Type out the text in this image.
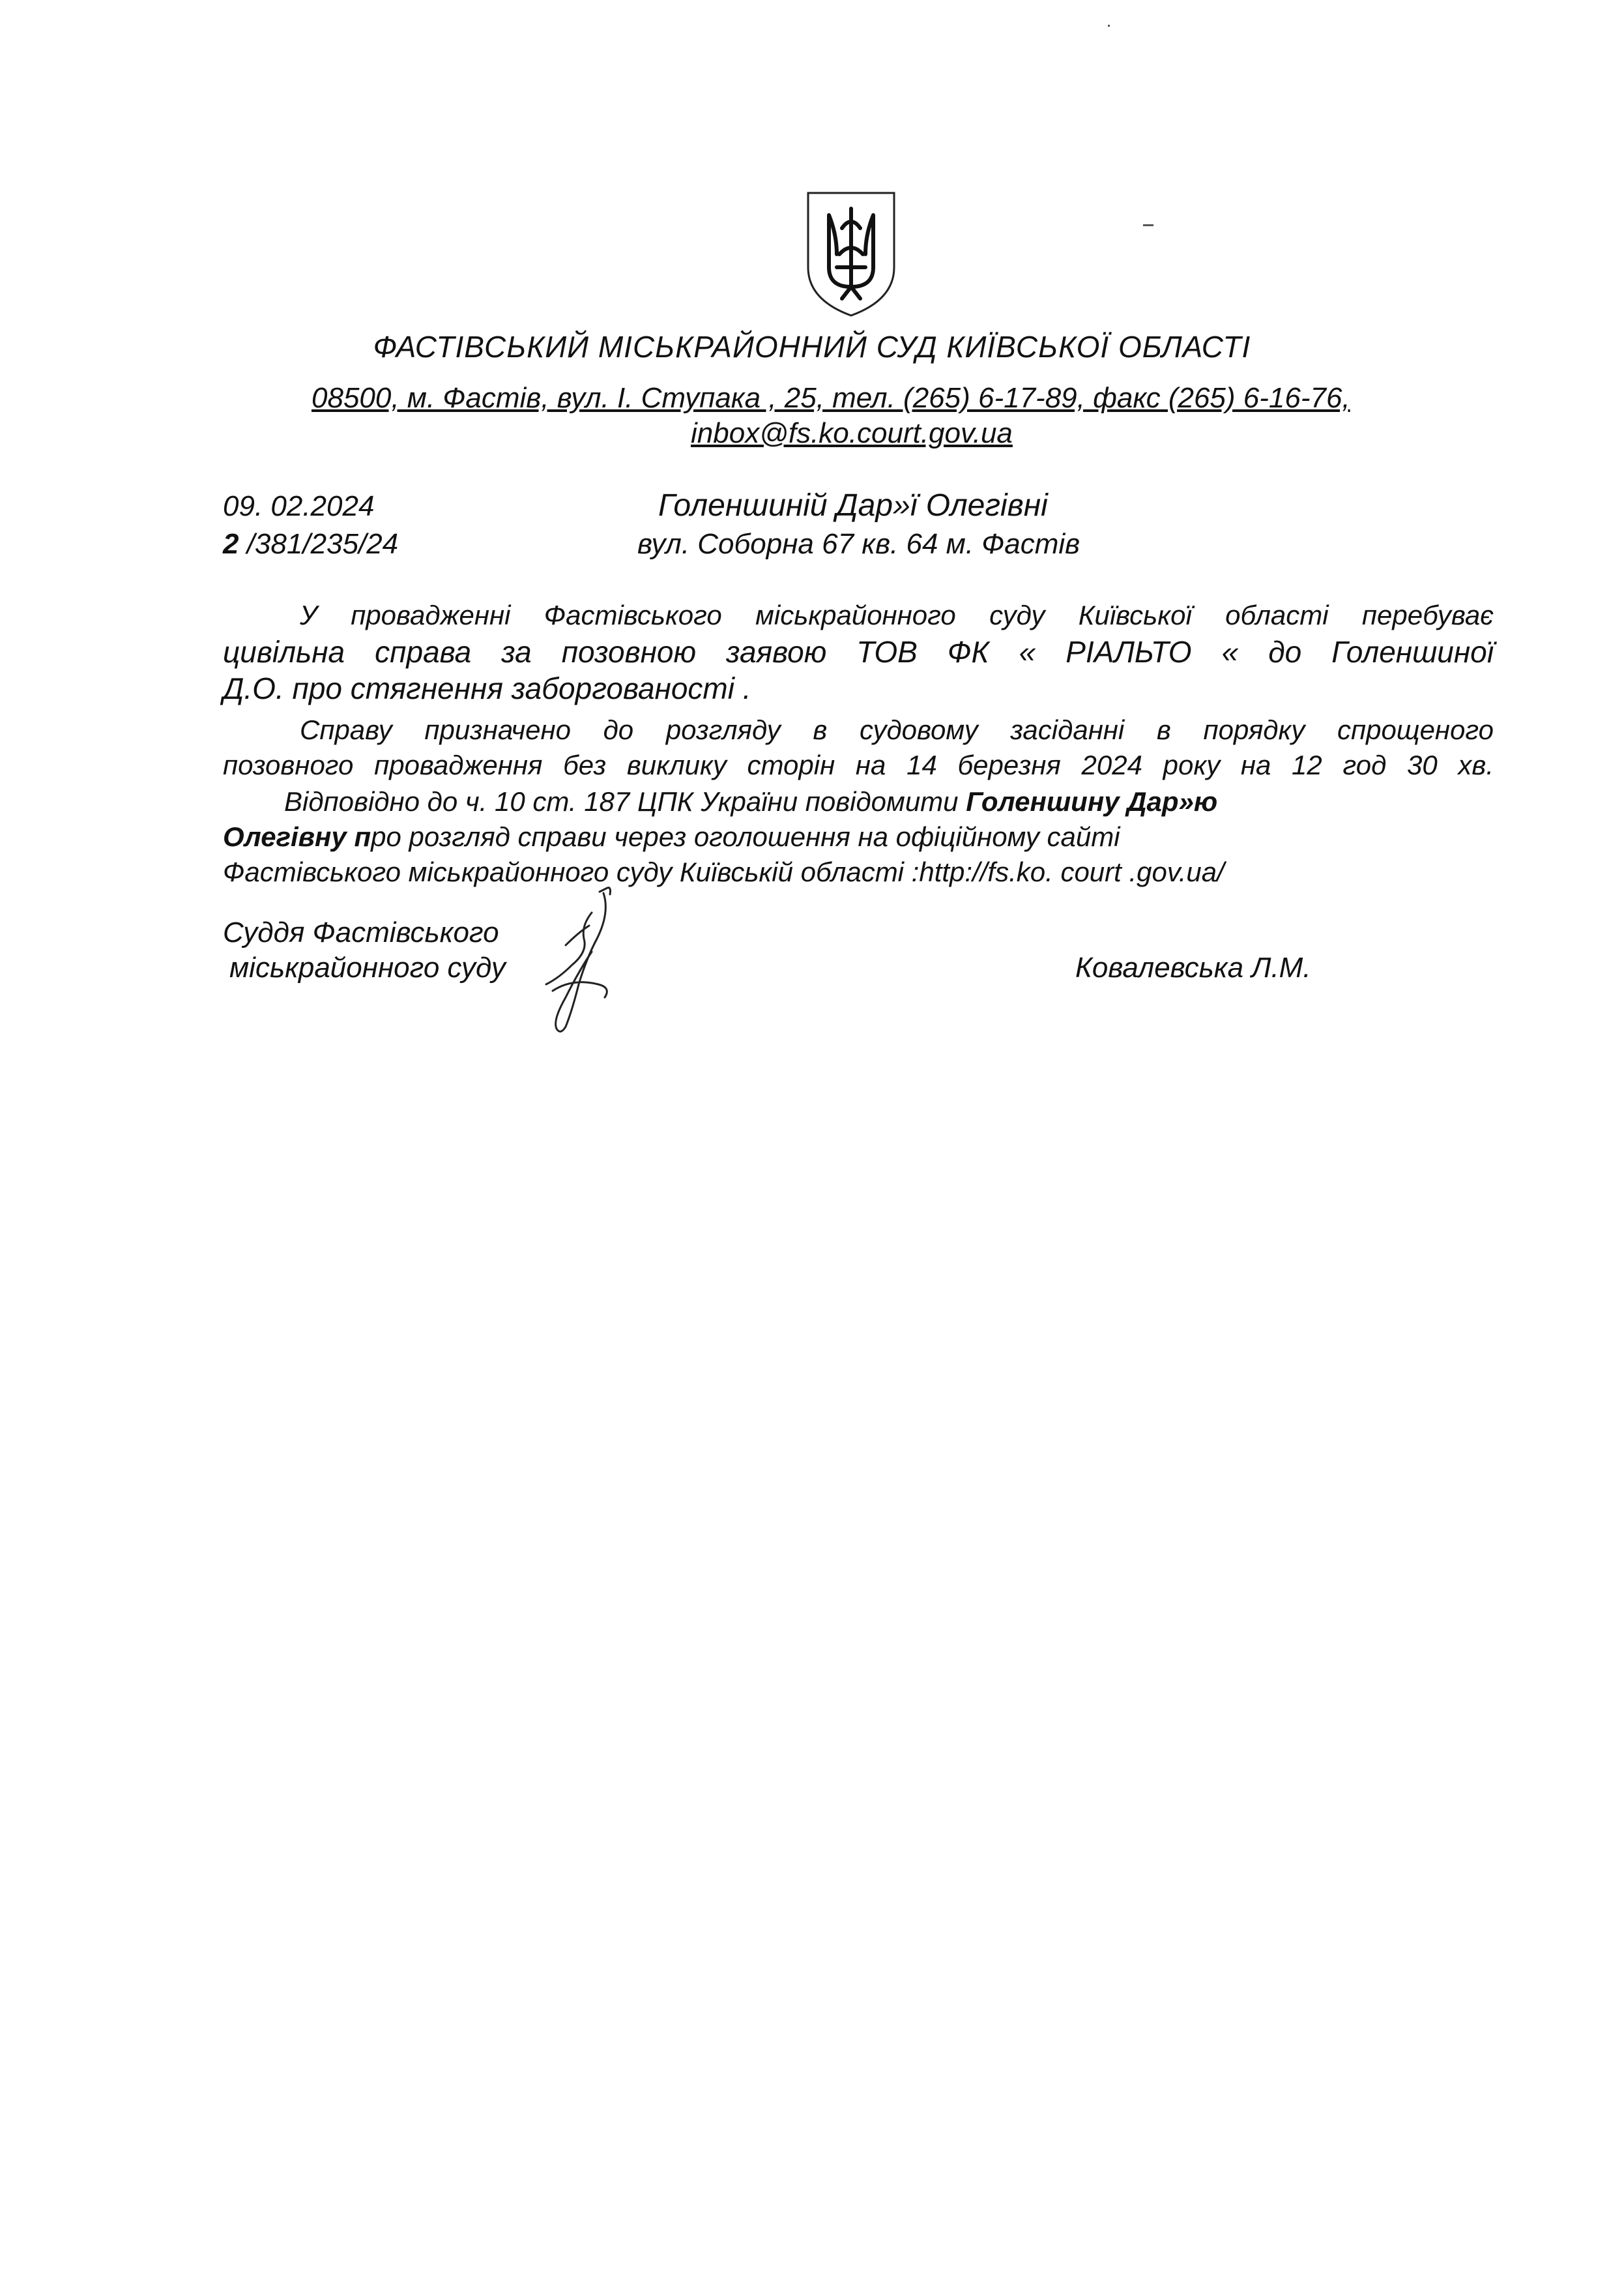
ФАСТІВСЬКИЙ МІСЬКРАЙОННИЙ СУД КИЇВСЬКОЇ ОБЛАСТІ
08500, м. Фастів, вул. І. Ступака , 25, тел. (265) 6-17-89, факс (265) 6-16-76,
inbox@fs.ko.court.gov.ua
09. 02.2024
2 /381/235/24
Голеншиній Дар»ї Олегівні
вул. Соборна 67 кв. 64 м. Фастів
У провадженні Фастівського міськрайонного суду Київської області перебуває
цивільна справа за позовною заявою ТОВ ФК « РІАЛЬТО « до Голеншиної
Д.О. про стягнення заборгованості .
Справу призначено до розгляду в судовому засіданні в порядку спрощеного
позовного провадження без виклику сторін на 14 березня 2024 року на 12 год 30 хв.
Відповідно до ч. 10 ст. 187 ЦПК України повідомити Голеншину Дар»ю
Олегівну про розгляд справи через оголошення на офіційному сайті
Фастівського міськрайонного суду Київській області :http://fs.ko. court .gov.ua/
Суддя Фастівського
міськрайонного суду	Ковалевська Л.М.
